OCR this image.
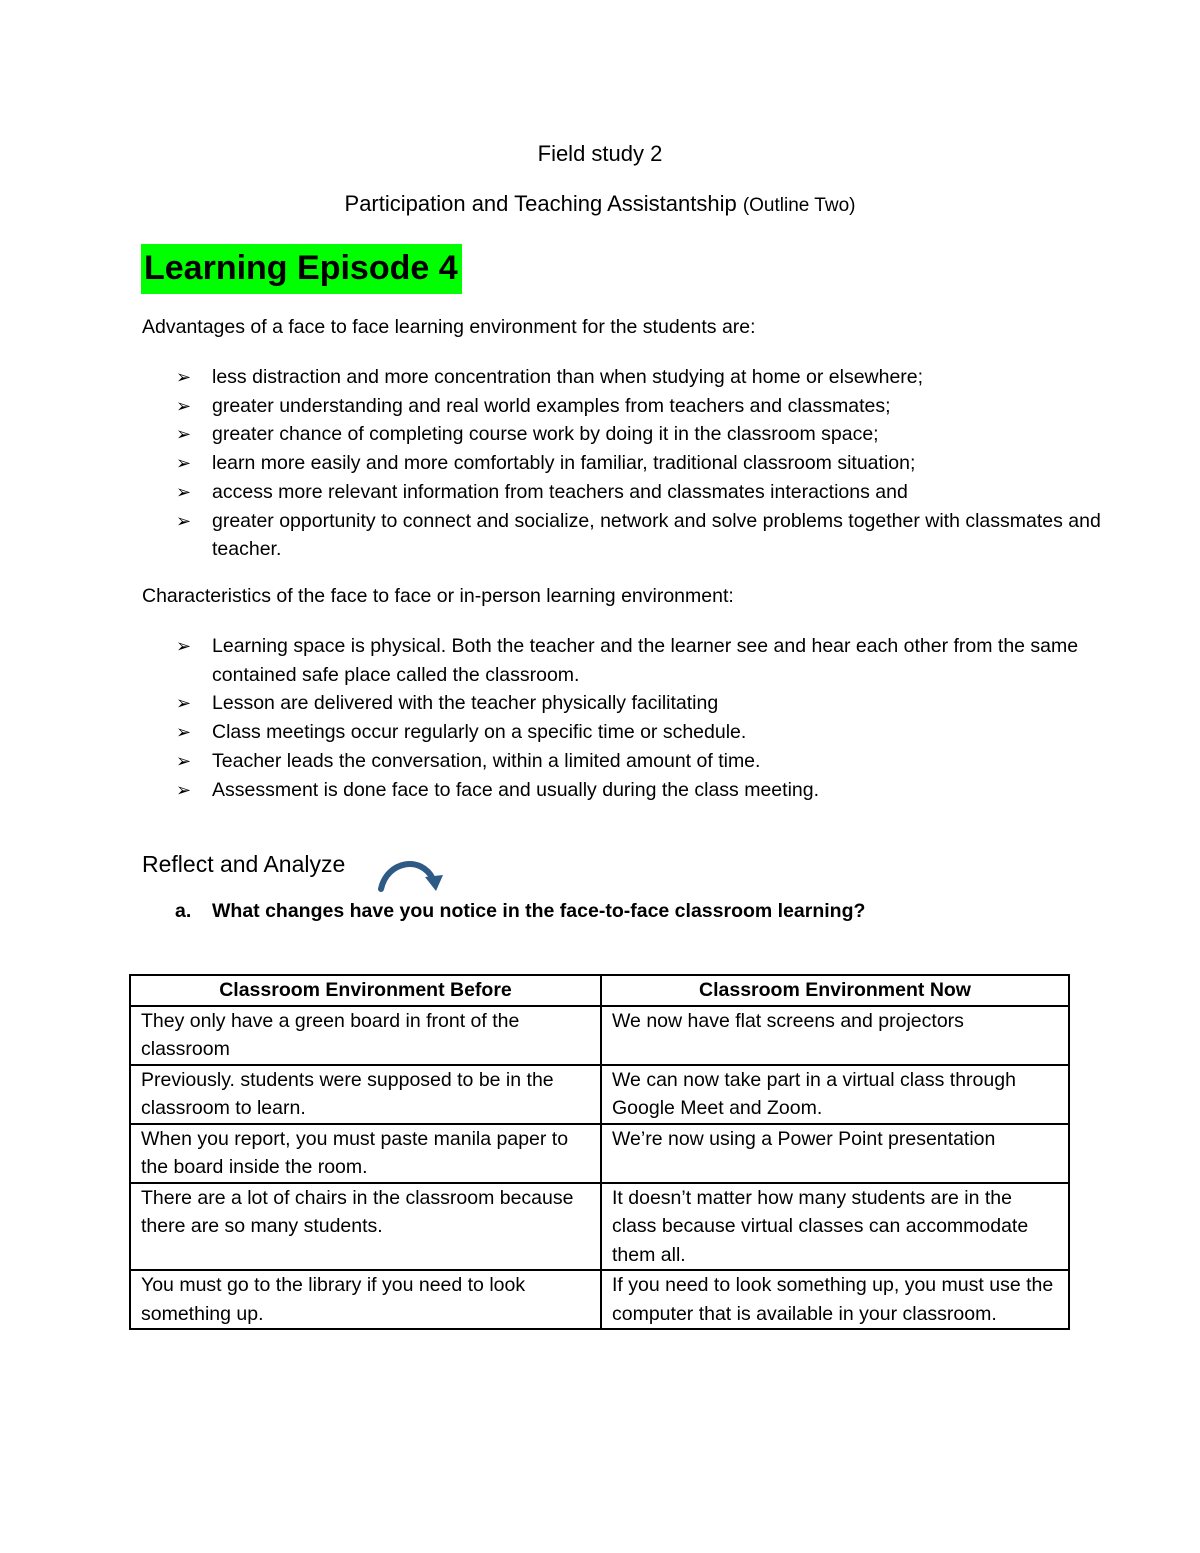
Field study 2
Participation and Teaching Assistantship (Outline Two)
Learning Episode 4
Advantages of a face to face learning environment for the students are:
➢ less distraction and more concentration than when studying at home or elsewhere;
➢ greater understanding and real world examples from teachers and classmates;
➢ greater chance of completing course work by doing it in the classroom space;
➢ learn more easily and more comfortably in familiar, traditional classroom situation;
➢ access more relevant information from teachers and classmates interactions and
➢ greater opportunity to connect and socialize, network and solve problems together with classmates and teacher.
Characteristics of the face to face or in-person learning environment:
➢ Learning space is physical. Both the teacher and the learner see and hear each other from the same contained safe place called the classroom.
➢ Lesson are delivered with the teacher physically facilitating
➢ Class meetings occur regularly on a specific time or schedule.
➢ Teacher leads the conversation, within a limited amount of time.
➢ Assessment is done face to face and usually during the class meeting.
Reflect and Analyze
a. What changes have you notice in the face-to-face classroom learning?
Classroom Environment Before	Classroom Environment Now
They only have a green board in front of the classroom	We now have flat screens and projectors
Previously. students were supposed to be in the classroom to learn.	We can now take part in a virtual class through Google Meet and Zoom.
When you report, you must paste manila paper to the board inside the room.	We’re now using a Power Point presentation
There are a lot of chairs in the classroom because there are so many students.	It doesn’t matter how many students are in the class because virtual classes can accommodate them all.
You must go to the library if you need to look something up.	If you need to look something up, you must use the computer that is available in your classroom.
